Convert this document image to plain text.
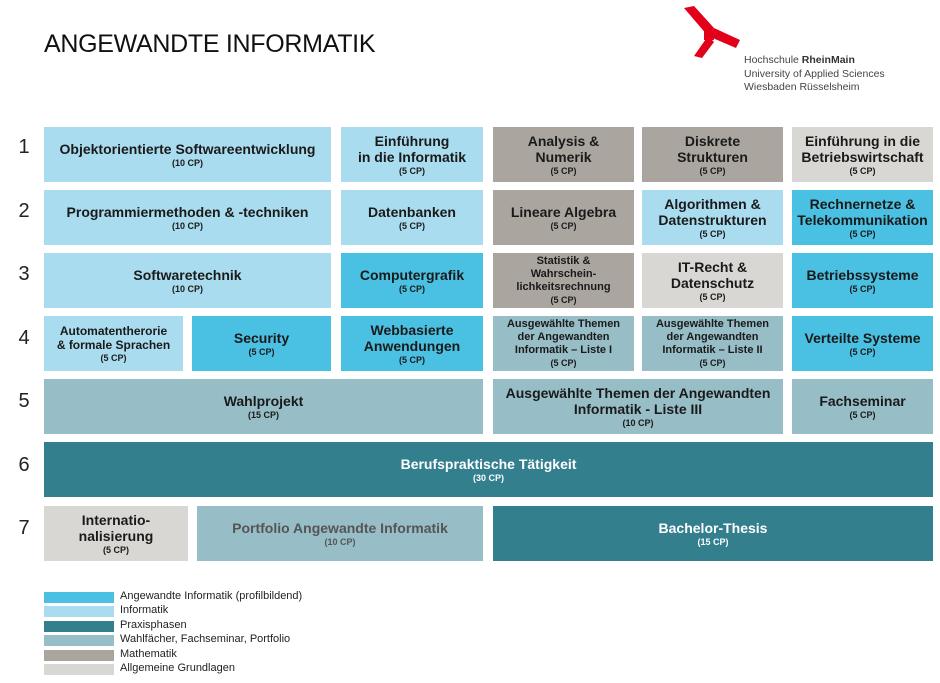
ANGEWANDTE INFORMATIK
Hochschule RheinMain
University of Applied Sciences
Wiesbaden Rüsselsheim
1
2
3
4
5
6
7
Objektorientierte Softwareentwicklung
(10 CP)
Einführung
in die Informatik
(5 CP)
Analysis &
Numerik
(5 CP)
Diskrete
Strukturen
(5 CP)
Einführung in die
Betriebswirtschaft
(5 CP)
Programmiermethoden & -techniken
(10 CP)
Datenbanken
(5 CP)
Lineare Algebra
(5 CP)
Algorithmen &
Datenstrukturen
(5 CP)
Rechnernetze &
Telekommunikation
(5 CP)
Softwaretechnik
(10 CP)
Computergrafik
(5 CP)
Statistik &
Wahrschein-
lichkeitsrechnung
(5 CP)
IT-Recht &
Datenschutz
(5 CP)
Betriebssysteme
(5 CP)
Automatentherorie
& formale Sprachen
(5 CP)
Security
(5 CP)
Webbasierte
Anwendungen
(5 CP)
Ausgewählte Themen
der Angewandten
Informatik – Liste I
(5 CP)
Ausgewählte Themen
der Angewandten
Informatik – Liste II
(5 CP)
Verteilte Systeme
(5 CP)
Wahlprojekt
(15 CP)
Ausgewählte Themen der Angewandten
Informatik - Liste III
(10 CP)
Fachseminar
(5 CP)
Berufspraktische Tätigkeit
(30 CP)
Internatio-
nalisierung
(5 CP)
Portfolio Angewandte Informatik
(10 CP)
Bachelor-Thesis
(15 CP)
Angewandte Informatik (profilbildend)
Informatik
Praxisphasen
Wahlfächer, Fachseminar, Portfolio
Mathematik
Allgemeine Grundlagen
